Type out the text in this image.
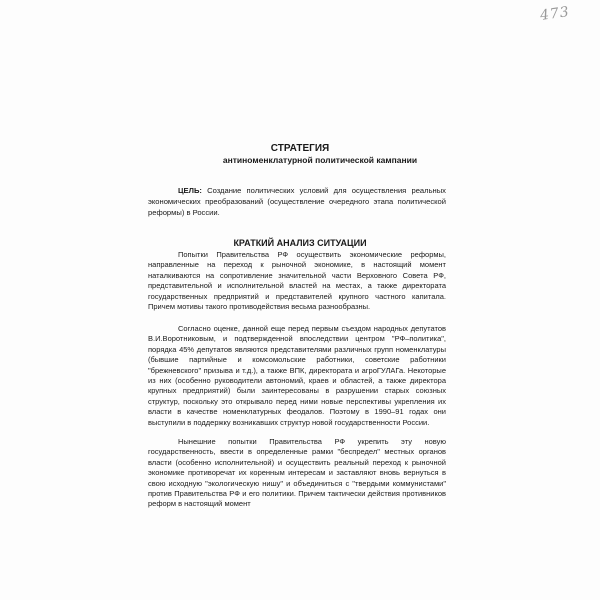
473
СТРАТЕГИЯ
антиноменклатурной политической кампании
ЦЕЛЬ: Создание политических условий для осуществления реальных экономических преобразований (осуществление очередного этапа политической реформы) в России.
КРАТКИЙ АНАЛИЗ СИТУАЦИИ
Попытки Правительства РФ осуществить экономические реформы, направленные на переход к рыночной экономике, в настоящий момент наталкиваются на сопротивление значительной части Верховного Совета РФ, представительной и исполнительной властей на местах, а также директората государственных предприятий и представителей крупного частного капитала. Причем мотивы такого противодействия весьма разнообразны.
Согласно оценке, данной еще перед первым съездом народных депутатов В.И.Воротниковым, и подтвержденной впоследствии центром "РФ–политика", порядка 45% депутатов являются представителями различных групп номенклатуры (бывшие партийные и комсомольские работники, советские работники "брежневского" призыва и т.д.), а также ВПК, директората и агроГУЛАГа. Некоторые из них (особенно руководители автономий, краев и областей, а также директора крупных предприятий) были заинтересованы в разрушении старых союзных структур, поскольку это открывало перед ними новые перспективы укрепления их власти в качестве номенклатурных феодалов. Поэтому в 1990–91 годах они выступили в поддержку возникавших структур новой государственности России.
Нынешние попытки Правительства РФ укрепить эту новую государственность, ввести в определенные рамки "беспредел" местных органов власти (особенно исполнительной) и осуществить реальный переход к рыночной экономике противоречат их коренным интересам и заставляют вновь вернуться в свою исходную "экологическую нишу" и объединиться с "твердыми коммунистами" против Правительства РФ и его политики. Причем тактически действия противников реформ в настоящий момент
